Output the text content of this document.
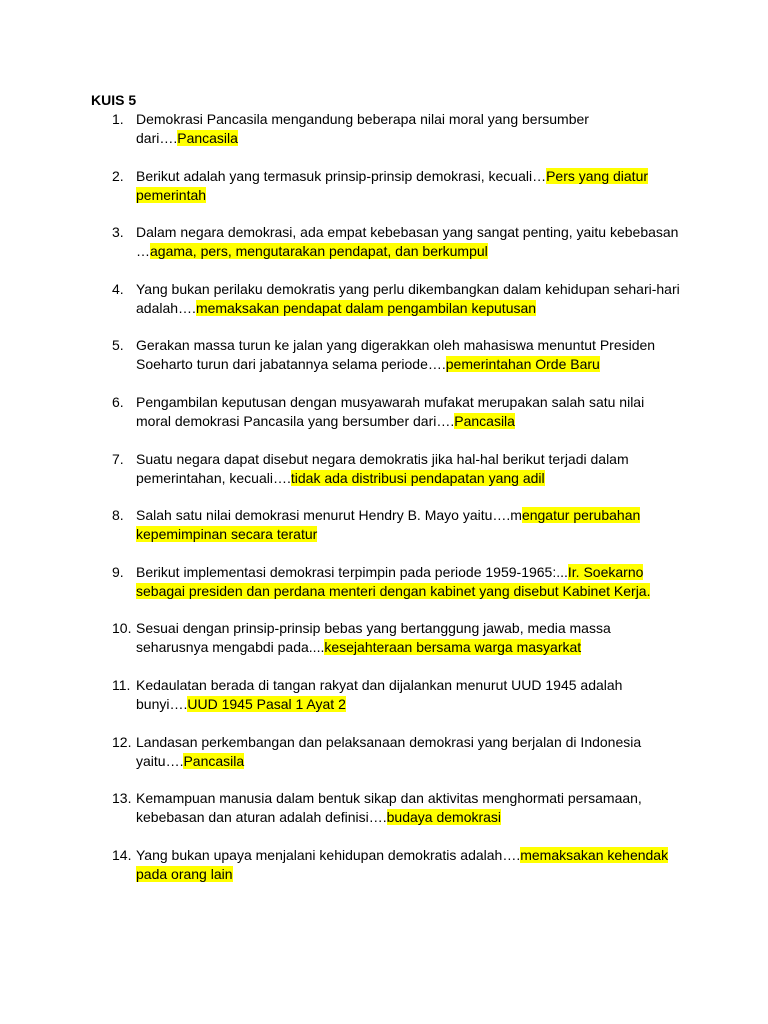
KUIS 5
1. Demokrasi Pancasila mengandung beberapa nilai moral yang bersumber dari….Pancasila
2. Berikut adalah yang termasuk prinsip-prinsip demokrasi, kecuali…Pers yang diatur pemerintah
3. Dalam negara demokrasi, ada empat kebebasan yang sangat penting, yaitu kebebasan …agama, pers, mengutarakan pendapat, dan berkumpul
4. Yang bukan perilaku demokratis yang perlu dikembangkan dalam kehidupan sehari-hari adalah….memaksakan pendapat dalam pengambilan keputusan
5. Gerakan massa turun ke jalan yang digerakkan oleh mahasiswa menuntut Presiden Soeharto turun dari jabatannya selama periode….pemerintahan Orde Baru
6. Pengambilan keputusan dengan musyawarah mufakat merupakan salah satu nilai moral demokrasi Pancasila yang bersumber dari….Pancasila
7. Suatu negara dapat disebut negara demokratis jika hal-hal berikut terjadi dalam pemerintahan, kecuali….tidak ada distribusi pendapatan yang adil
8. Salah satu nilai demokrasi menurut Hendry B. Mayo yaitu….mengatur perubahan kepemimpinan secara teratur
9. Berikut implementasi demokrasi terpimpin pada periode 1959-1965:...Ir. Soekarno sebagai presiden dan perdana menteri dengan kabinet yang disebut Kabinet Kerja.
10. Sesuai dengan prinsip-prinsip bebas yang bertanggung jawab, media massa seharusnya mengabdi pada....kesejahteraan bersama warga masyarkat
11. Kedaulatan berada di tangan rakyat dan dijalankan menurut UUD 1945 adalah bunyi….UUD 1945 Pasal 1 Ayat 2
12. Landasan perkembangan dan pelaksanaan demokrasi yang berjalan di Indonesia yaitu….Pancasila
13. Kemampuan manusia dalam bentuk sikap dan aktivitas menghormati persamaan, kebebasan dan aturan adalah definisi….budaya demokrasi
14. Yang bukan upaya menjalani kehidupan demokratis adalah….memaksakan kehendak pada orang lain
